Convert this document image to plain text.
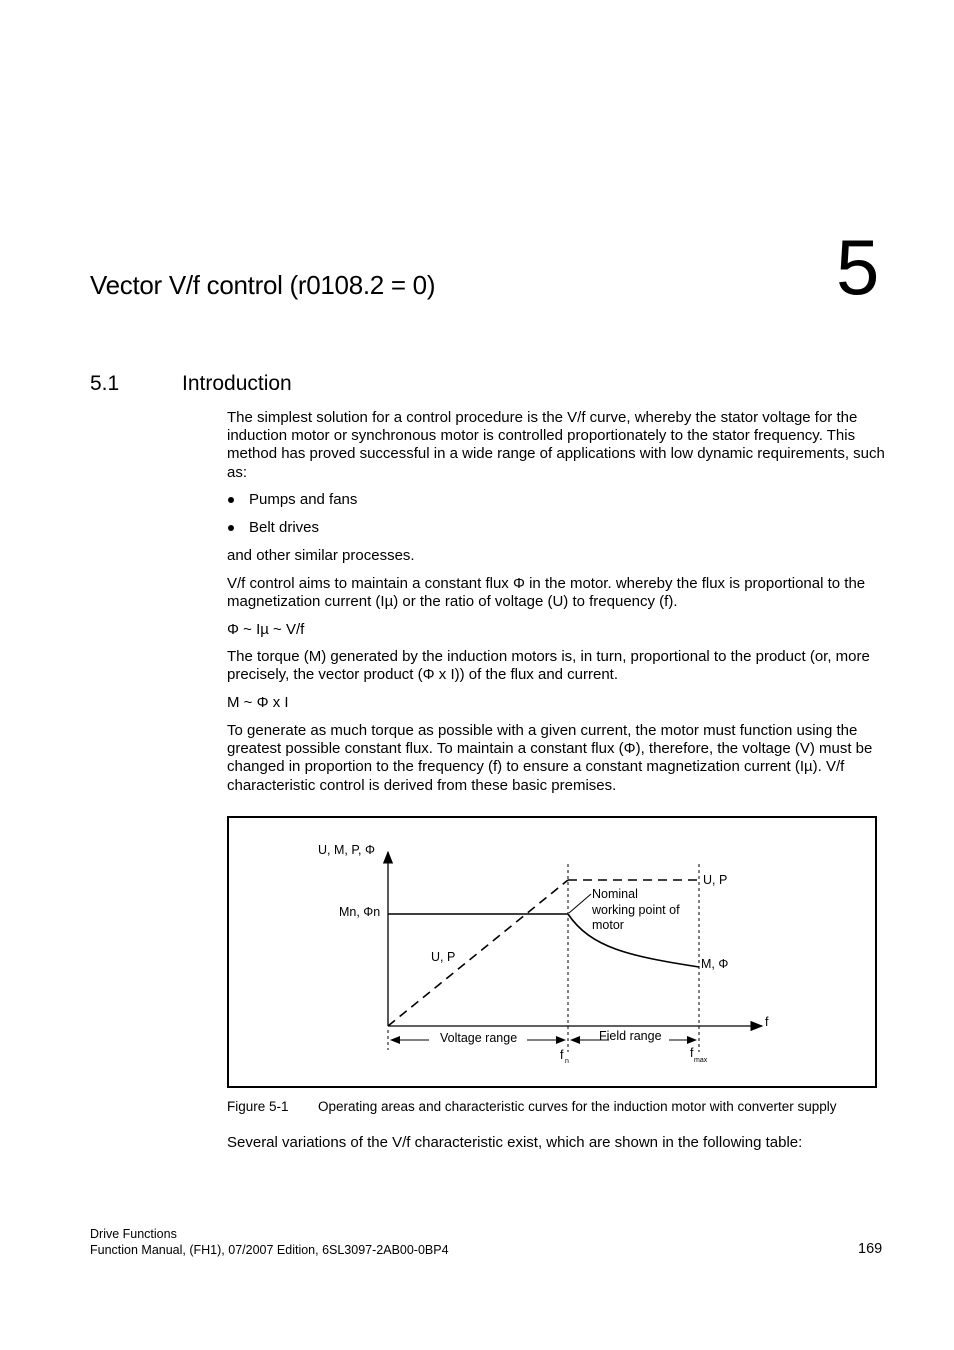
Vector V/f control (r0108.2 = 0)	5
5.1	Introduction

The simplest solution for a control procedure is the V/f curve, whereby the stator voltage for the induction motor or synchronous motor is controlled proportionately to the stator frequency. This method has proved successful in a wide range of applications with low dynamic requirements, such as:

Pumps and fans
Belt drives

and other similar processes.

V/f control aims to maintain a constant flux Φ in the motor. whereby the flux is proportional to the magnetization current (Iµ) or the ratio of voltage (U) to frequency (f).

Φ ~ Iµ ~ V/f

The torque (M) generated by the induction motors is, in turn, proportional to the product (or, more precisely, the vector product (Φ x I)) of the flux and current.

M ~ Φ x I

To generate as much torque as possible with a given current, the motor must function using the greatest possible constant flux. To maintain a constant flux (Φ), therefore, the voltage (V) must be changed in proportion to the frequency (f) to ensure a constant magnetization current (Iµ). V/f characteristic control is derived from these basic premises.

U, M, P, Φ
f
Mn, Φn
U, P
U, P
M, Φ
Nominal
working point of
motor
Voltage range	Field range
f n
f
max
Figure 5-1 Operating areas and characteristic curves for the induction motor with converter supply

Several variations of the V/f characteristic exist, which are shown in the following table:

Drive Functions
Function Manual, (FH1), 07/2007 Edition, 6SL3097-2AB00-0BP4	169
